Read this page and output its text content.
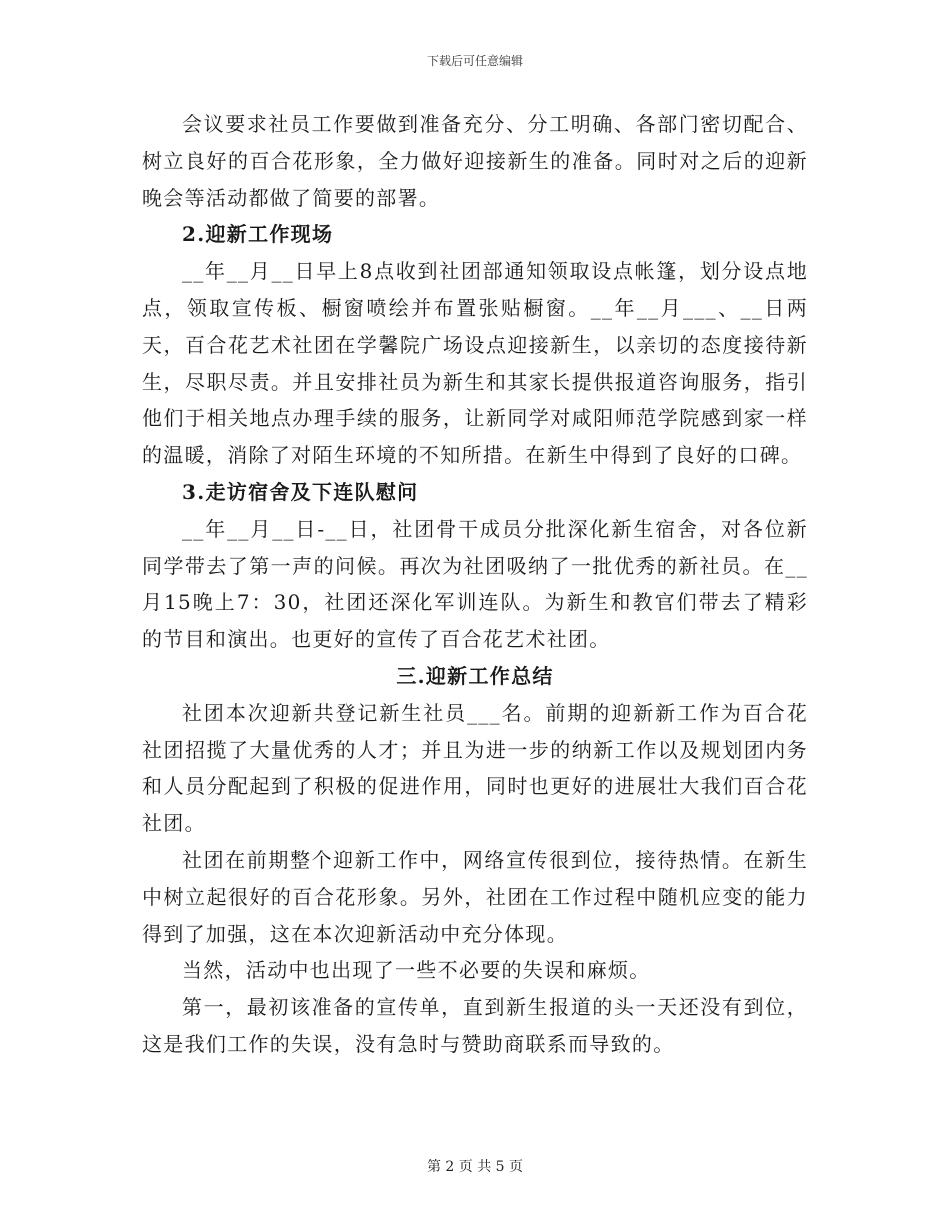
下载后可任意编辑

会议要求社员工作要做到准备充分、分工明确、各部门密切配合、树立良好的百合花形象，全力做好迎接新生的准备。同时对之后的迎新晚会等活动都做了简要的部署。

2.迎新工作现场

__年__月__日早上8点收到社团部通知领取设点帐篷，划分设点地点，领取宣传板、橱窗喷绘并布置张贴橱窗。__年__月___、__日两天，百合花艺术社团在学馨院广场设点迎接新生，以亲切的态度接待新生，尽职尽责。并且安排社员为新生和其家长提供报道咨询服务，指引他们于相关地点办理手续的服务，让新同学对咸阳师范学院感到家一样的温暖，消除了对陌生环境的不知所措。在新生中得到了良好的口碑。

3.走访宿舍及下连队慰问

__年__月__日-__日，社团骨干成员分批深化新生宿舍，对各位新同学带去了第一声的问候。再次为社团吸纳了一批优秀的新社员。在__月15晚上7：30，社团还深化军训连队。为新生和教官们带去了精彩的节目和演出。也更好的宣传了百合花艺术社团。

三.迎新工作总结

社团本次迎新共登记新生社员___名。前期的迎新新工作为百合花社团招揽了大量优秀的人才；并且为进一步的纳新工作以及规划团内务和人员分配起到了积极的促进作用，同时也更好的进展壮大我们百合花社团。

社团在前期整个迎新工作中，网络宣传很到位，接待热情。在新生中树立起很好的百合花形象。另外，社团在工作过程中随机应变的能力得到了加强，这在本次迎新活动中充分体现。

当然，活动中也出现了一些不必要的失误和麻烦。

第一，最初该准备的宣传单，直到新生报道的头一天还没有到位，这是我们工作的失误，没有急时与赞助商联系而导致的。

第 2 页 共 5 页
